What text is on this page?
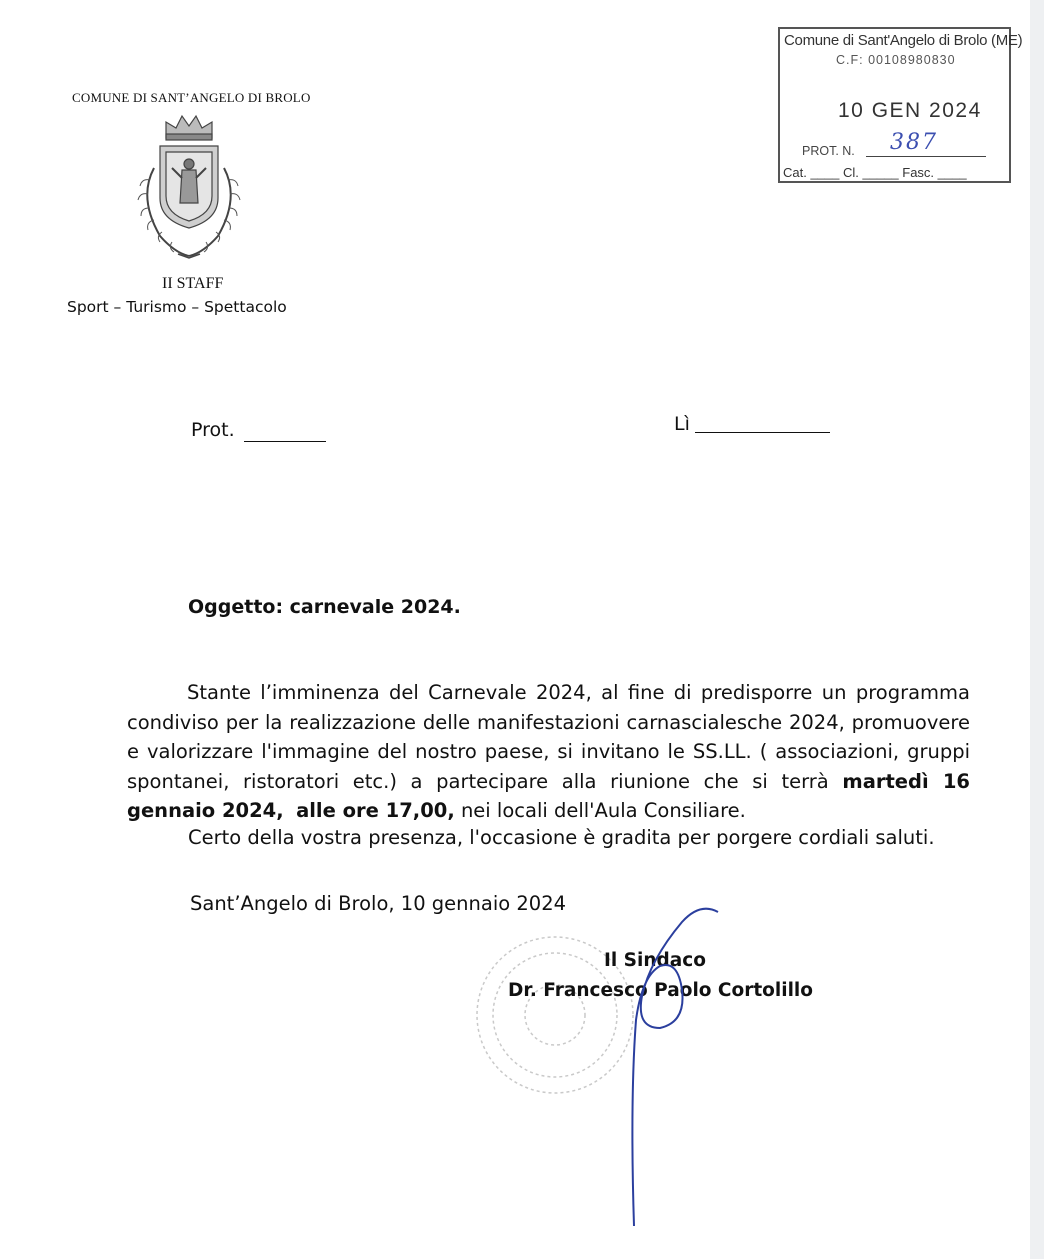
COMUNE DI SANT’ANGELO DI BROLO
II STAFF
Sport – Turismo – Spettacolo
Comune di Sant'Angelo di Brolo (ME)
C.F: 00108980830
10 GEN 2024
PROT. N. 387
Cat. ____ Cl. _____ Fasc. ____
Prot.	Lì
Oggetto: carnevale 2024.
Stante l’imminenza del Carnevale 2024, al fine di predisporre un programma condiviso per la realizzazione delle manifestazioni carnascialesche 2024, promuovere e valorizzare l'immagine del nostro paese, si invitano le SS.LL. ( associazioni, gruppi spontanei, ristoratori etc.) a partecipare alla riunione che si terrà martedì 16 gennaio 2024, alle ore 17,00, nei locali dell'Aula Consiliare.
Certo della vostra presenza, l'occasione è gradita per porgere cordiali saluti.
Sant’Angelo di Brolo, 10 gennaio 2024
Il Sindaco
Dr. Francesco Paolo Cortolillo
